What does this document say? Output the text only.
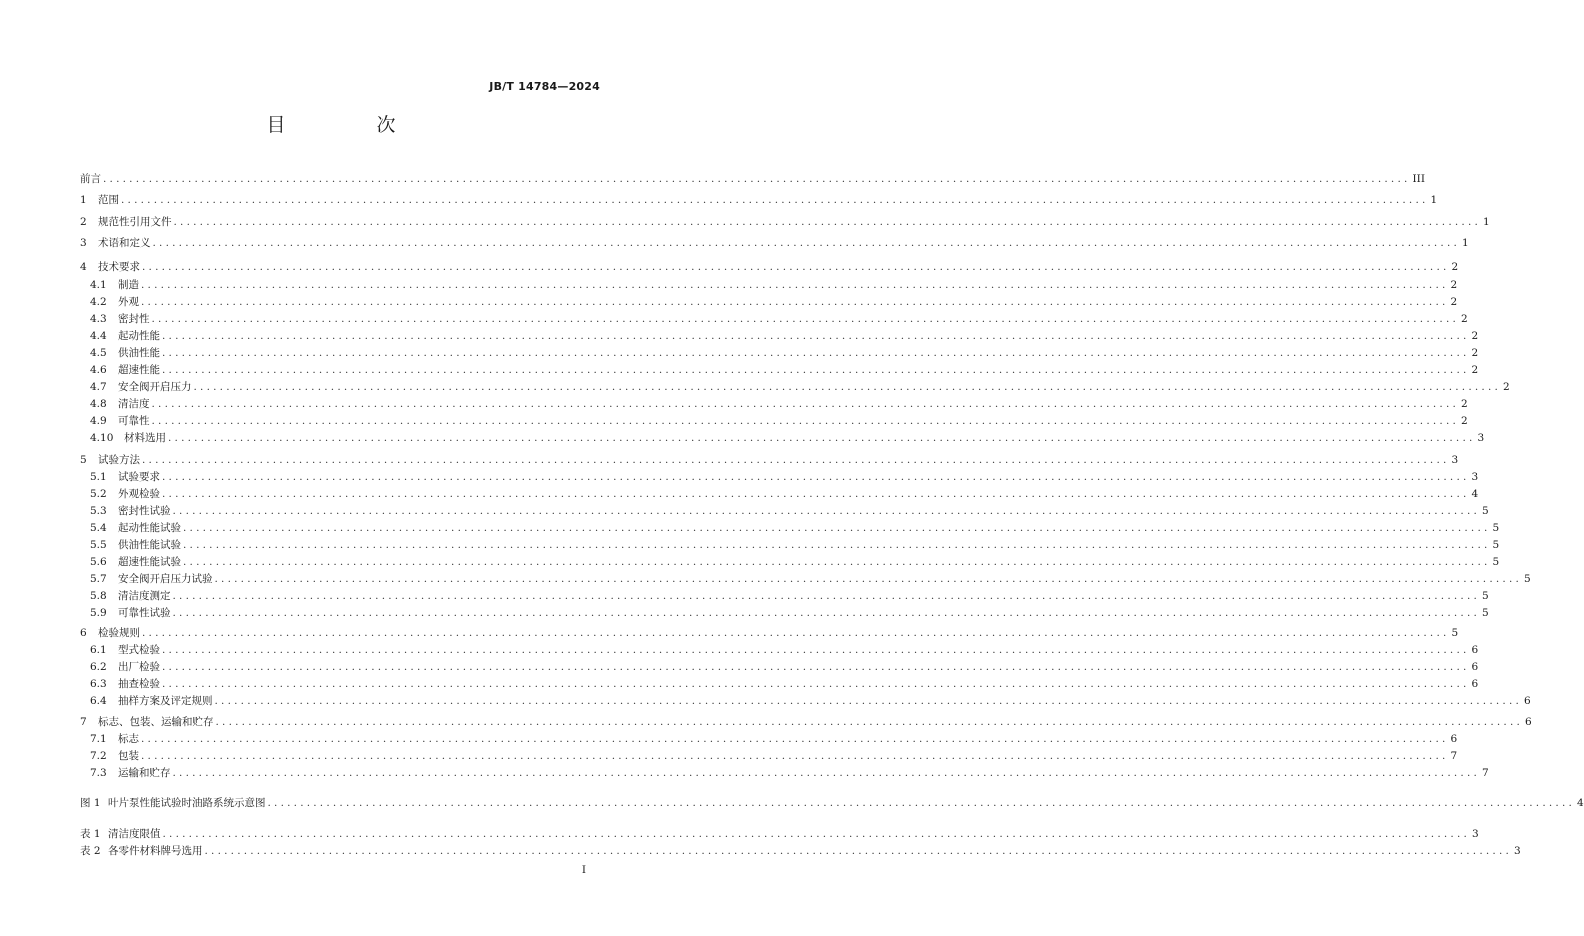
JB/T 14784—2024
目　次
前言 ........................................................................................................................................................................................................ III
1	范围 ........................................................................................................................................................................................................ 1
2	规范性引用文件 ........................................................................................................................................................................................................ 1
3	术语和定义 ........................................................................................................................................................................................................ 1
4	技术要求 ........................................................................................................................................................................................................ 2
4.1	制造 ........................................................................................................................................................................................................ 2
4.2	外观 ........................................................................................................................................................................................................ 2
4.3	密封性 ........................................................................................................................................................................................................ 2
4.4	起动性能 ........................................................................................................................................................................................................ 2
4.5	供油性能 ........................................................................................................................................................................................................ 2
4.6	超速性能 ........................................................................................................................................................................................................ 2
4.7	安全阀开启压力 ........................................................................................................................................................................................................ 2
4.8	清洁度 ........................................................................................................................................................................................................ 2
4.9	可靠性 ........................................................................................................................................................................................................ 2
4.10	材料选用 ........................................................................................................................................................................................................ 3
5	试验方法 ........................................................................................................................................................................................................ 3
5.1	试验要求 ........................................................................................................................................................................................................ 3
5.2	外观检验 ........................................................................................................................................................................................................ 4
5.3	密封性试验 ........................................................................................................................................................................................................ 5
5.4	起动性能试验 ........................................................................................................................................................................................................ 5
5.5	供油性能试验 ........................................................................................................................................................................................................ 5
5.6	超速性能试验 ........................................................................................................................................................................................................ 5
5.7	安全阀开启压力试验 ........................................................................................................................................................................................................ 5
5.8	清洁度测定 ........................................................................................................................................................................................................ 5
5.9	可靠性试验 ........................................................................................................................................................................................................ 5
6	检验规则 ........................................................................................................................................................................................................ 5
6.1	型式检验 ........................................................................................................................................................................................................ 6
6.2	出厂检验 ........................................................................................................................................................................................................ 6
6.3	抽查检验 ........................................................................................................................................................................................................ 6
6.4	抽样方案及评定规则 ........................................................................................................................................................................................................ 6
7	标志、包装、运输和贮存 ........................................................................................................................................................................................................ 6
7.1	标志 ........................................................................................................................................................................................................ 6
7.2	包装 ........................................................................................................................................................................................................ 7
7.3	运输和贮存 ........................................................................................................................................................................................................ 7
图 1 叶片泵性能试验时油路系统示意图 ........................................................................................................................................................................................................ 4
表 1 清洁度限值 ........................................................................................................................................................................................................ 3
表 2 各零件材料牌号选用 ........................................................................................................................................................................................................ 3
I
